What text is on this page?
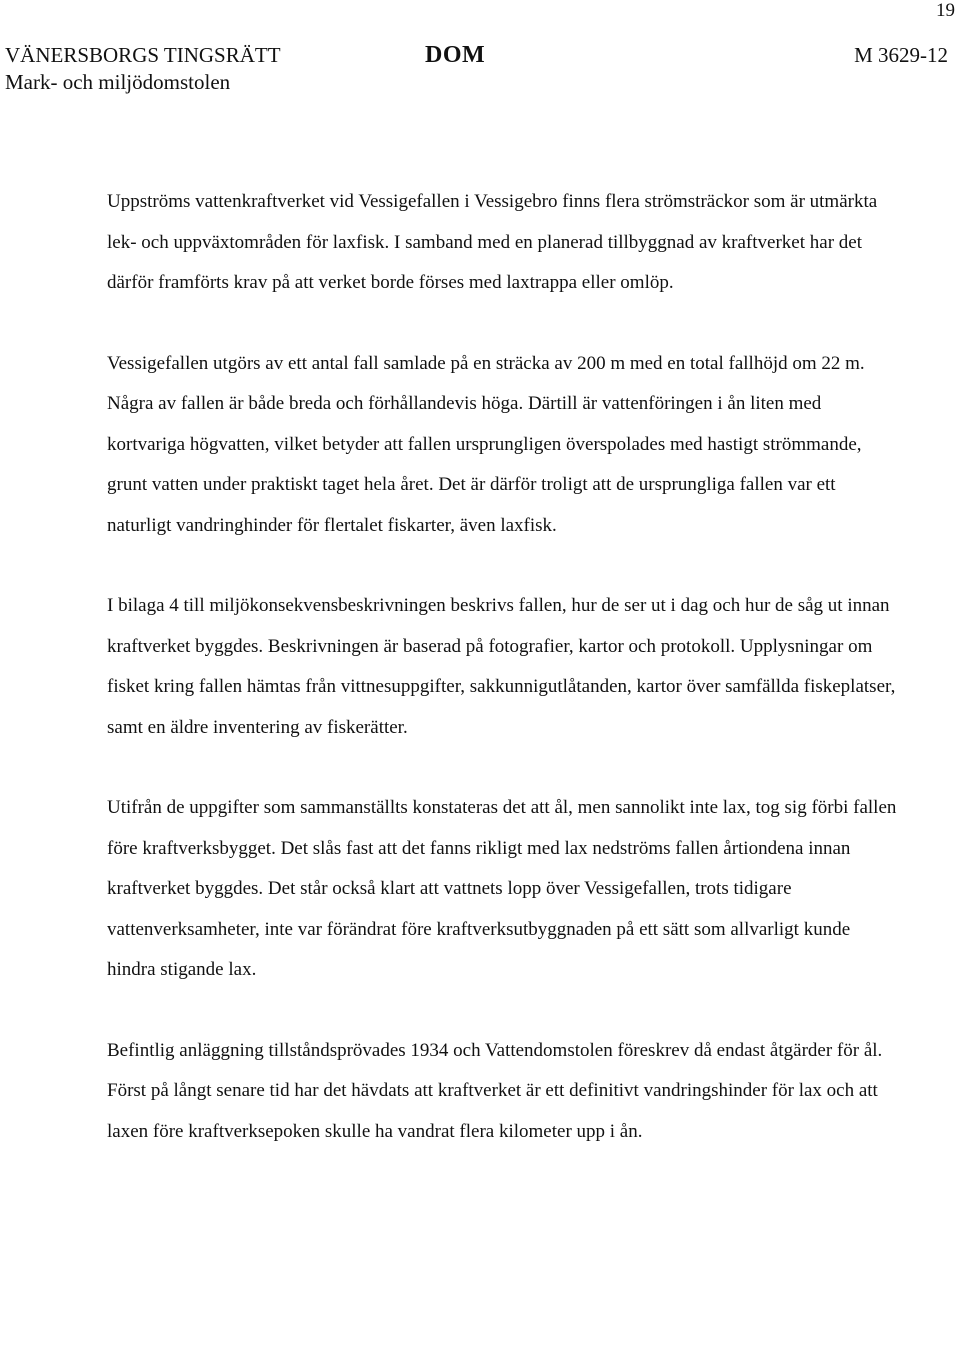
19
VÄNERSBORGS TINGSRÄTT
Mark- och miljödomstolen
DOM	M 3629-12

Uppströms vattenkraftverket vid Vessigefallen i Vessigebro finns flera strömsträckor som är utmärkta lek- och uppväxtområden för laxfisk. I samband med en planerad tillbyggnad av kraftverket har det därför framförts krav på att verket borde förses med laxtrappa eller omlöp.

Vessigefallen utgörs av ett antal fall samlade på en sträcka av 200 m med en total fallhöjd om 22 m. Några av fallen är både breda och förhållandevis höga. Därtill är vattenföringen i ån liten med kortvariga högvatten, vilket betyder att fallen ursprungligen överspolades med hastigt strömmande, grunt vatten under praktiskt taget hela året. Det är därför troligt att de ursprungliga fallen var ett naturligt vandringhinder för flertalet fiskarter, även laxfisk.

I bilaga 4 till miljökonsekvensbeskrivningen beskrivs fallen, hur de ser ut i dag och hur de såg ut innan kraftverket byggdes. Beskrivningen är baserad på fotografier, kartor och protokoll. Upplysningar om fisket kring fallen hämtas från vittnesuppgifter, sakkunnigutlåtanden, kartor över samfällda fiskeplatser, samt en äldre inventering av fiskerätter.

Utifrån de uppgifter som sammanställts konstateras det att ål, men sannolikt inte lax, tog sig förbi fallen före kraftverksbygget. Det slås fast att det fanns rikligt med lax nedströms fallen årtiondena innan kraftverket byggdes. Det står också klart att vattnets lopp över Vessigefallen, trots tidigare vattenverksamheter, inte var förändrat före kraftverksutbyggnaden på ett sätt som allvarligt kunde hindra stigande lax.

Befintlig anläggning tillståndsprövades 1934 och Vattendomstolen föreskrev då endast åtgärder för ål. Först på långt senare tid har det hävdats att kraftverket är ett definitivt vandringshinder för lax och att laxen före kraftverksepoken skulle ha vandrat flera kilometer upp i ån.
